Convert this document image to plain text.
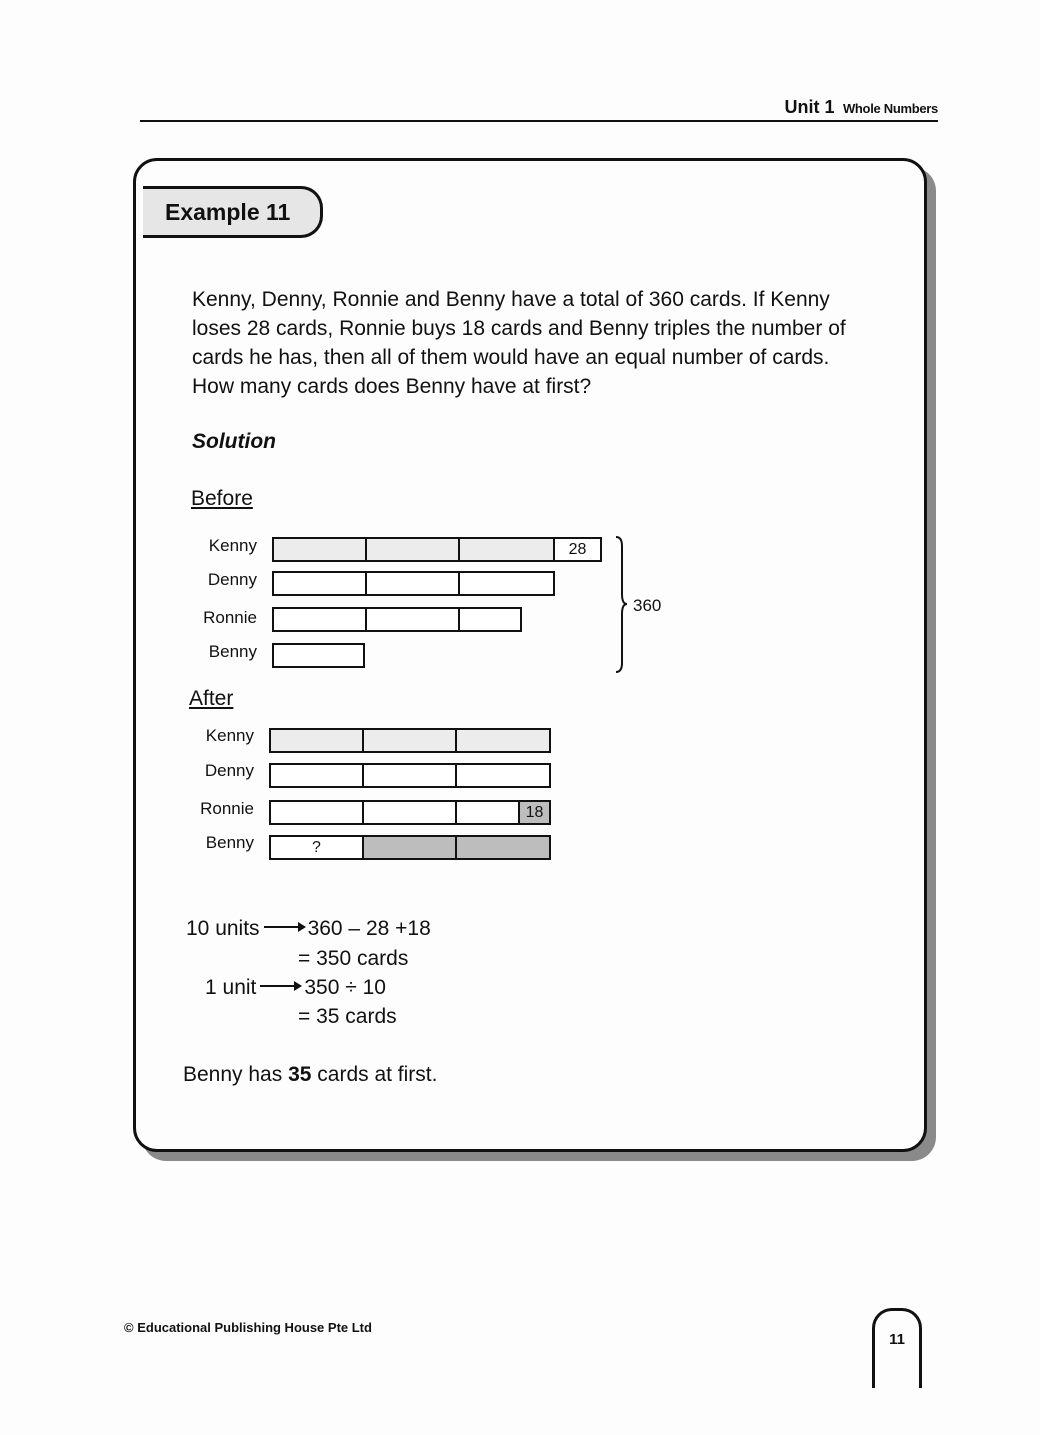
Unit 1 Whole Numbers
Example 11
Kenny, Denny, Ronnie and Benny have a total of 360 cards. If Kenny
loses 28 cards, Ronnie buys 18 cards and Benny triples the number of
cards he has, then all of them would have an equal number of cards.
How many cards does Benny have at first?
Solution
Before
Kenny
Denny
Ronnie
Benny
28
360
After
Kenny
Denny
Ronnie
Benny
18
?
10 units 360 – 28 +18
= 350 cards
1 unit 350 ÷ 10
= 35 cards
Benny has 35 cards at first.
© Educational Publishing House Pte Ltd
11
